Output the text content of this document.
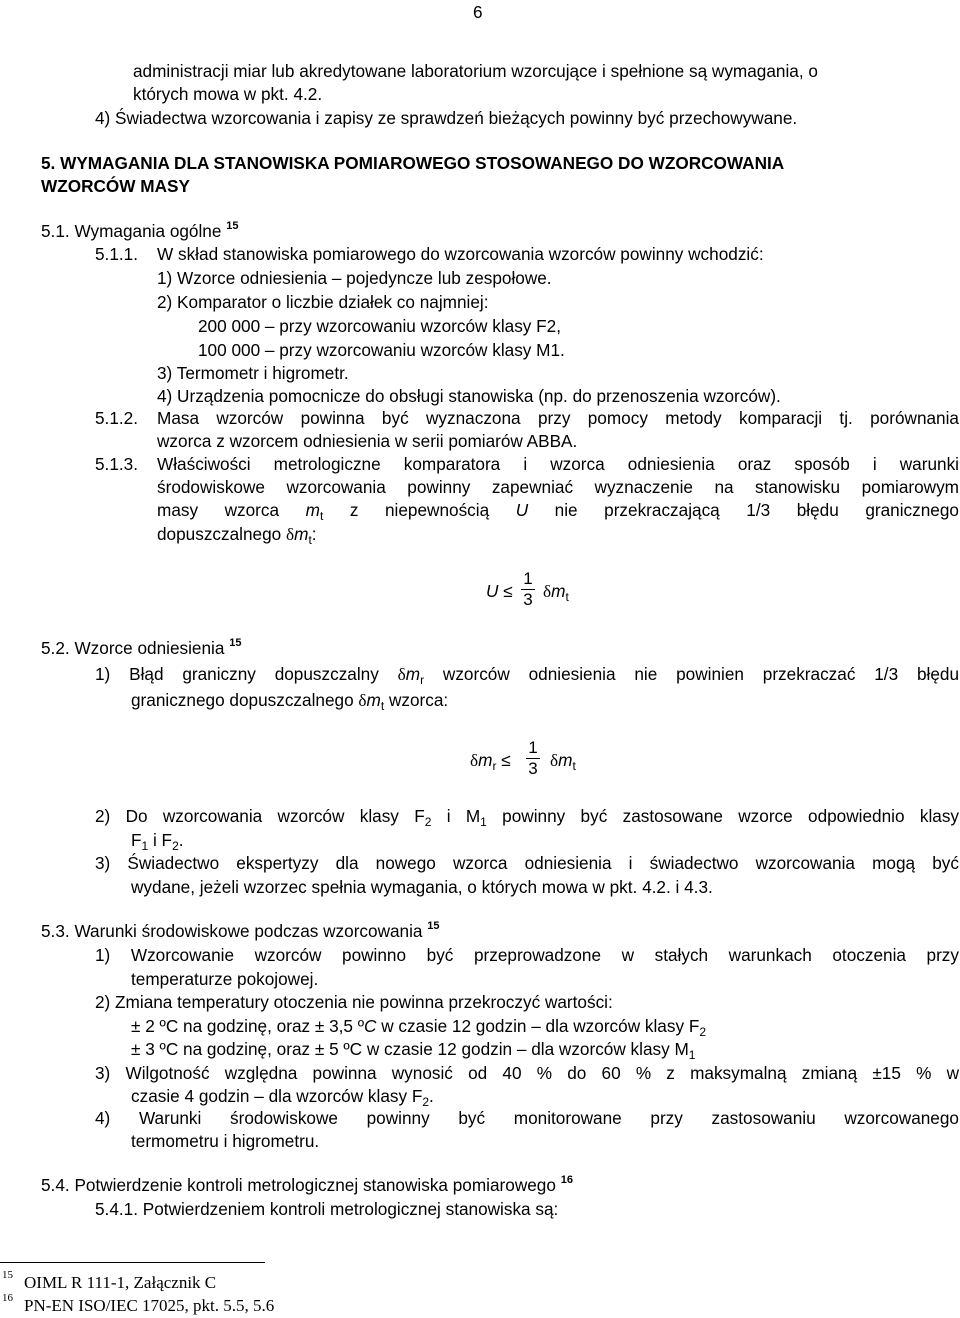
6
administracji miar lub akredytowane laboratorium wzorcujące i spełnione są wymagania, o
których mowa w pkt. 4.2.
4) Świadectwa wzorcowania i zapisy ze sprawdzeń bieżących powinny być przechowywane.
5. WYMAGANIA DLA STANOWISKA POMIAROWEGO STOSOWANEGO DO WZORCOWANIA
WZORCÓW MASY
5.1. Wymagania ogólne $^{15}$
5.1.1. W skład stanowiska pomiarowego do wzorcowania wzorców powinny wchodzić:
1) Wzorce odniesienia – pojedyncze lub zespołowe.
2) Komparator o liczbie działek co najmniej:
200 000 – przy wzorcowaniu wzorców klasy F2,
100 000 – przy wzorcowaniu wzorców klasy M1.
3) Termometr i higrometr.
4) Urządzenia pomocnicze do obsługi stanowiska (np. do przenoszenia wzorców).
5.1.2. Masa wzorców powinna być wyznaczona przy pomocy metody komparacji tj. porównania
wzorca z wzorcem odniesienia w serii pomiarów ABBA.
5.1.3. Właściwości metrologiczne komparatora i wzorca odniesienia oraz sposób i warunki
środowiskowe wzorcowania powinny zapewniać wyznaczenie na stanowisku pomiarowym
masy wzorca $m_t$ z niepewnością U nie przekraczającą 1/3 błędu granicznego
dopuszczalnego $\delta m_t$:
U ≤
1
3 $\delta m_t$
5.2. Wzorce odniesienia $^{15}$
1) Błąd graniczny dopuszczalny $\delta m_r$ wzorców odniesienia nie powinien przekraczać 1/3 błędu
granicznego dopuszczalnego $\delta m_t$ wzorca:
$\delta m_r$ ≤
1
3 $\delta m_t$
2) Do wzorcowania wzorców klasy $F_2$ i $M_1$ powinny być zastosowane wzorce odpowiednio klasy
$F_1$ i $F_2$.
3) Świadectwo ekspertyzy dla nowego wzorca odniesienia i świadectwo wzorcowania mogą być
wydane, jeżeli wzorzec spełnia wymagania, o których mowa w pkt. 4.2. i 4.3.
5.3. Warunki środowiskowe podczas wzorcowania $^{15}$
1) Wzorcowanie wzorców powinno być przeprowadzone w stałych warunkach otoczenia przy
temperaturze pokojowej.
2) Zmiana temperatury otoczenia nie powinna przekroczyć wartości:
± 2 ºC na godzinę, oraz ± 3,5 ºC w czasie 12 godzin – dla wzorców klasy $F_2$
± 3 ºC na godzinę, oraz ± 5 ºC w czasie 12 godzin – dla wzorców klasy $M_1$
3) Wilgotność względna powinna wynosić od 40 % do 60 % z maksymalną zmianą ±15 % w
czasie 4 godzin – dla wzorców klasy $F_2$.
4) Warunki środowiskowe powinny być monitorowane przy zastosowaniu wzorcowanego
termometru i higrometru.
5.4. Potwierdzenie kontroli metrologicznej stanowiska pomiarowego $^{16}$
5.4.1. Potwierdzeniem kontroli metrologicznej stanowiska są:
$^{15}$ OIML R 111-1, Załącznik C
$^{16}$ PN-EN ISO/IEC 17025, pkt. 5.5, 5.6
